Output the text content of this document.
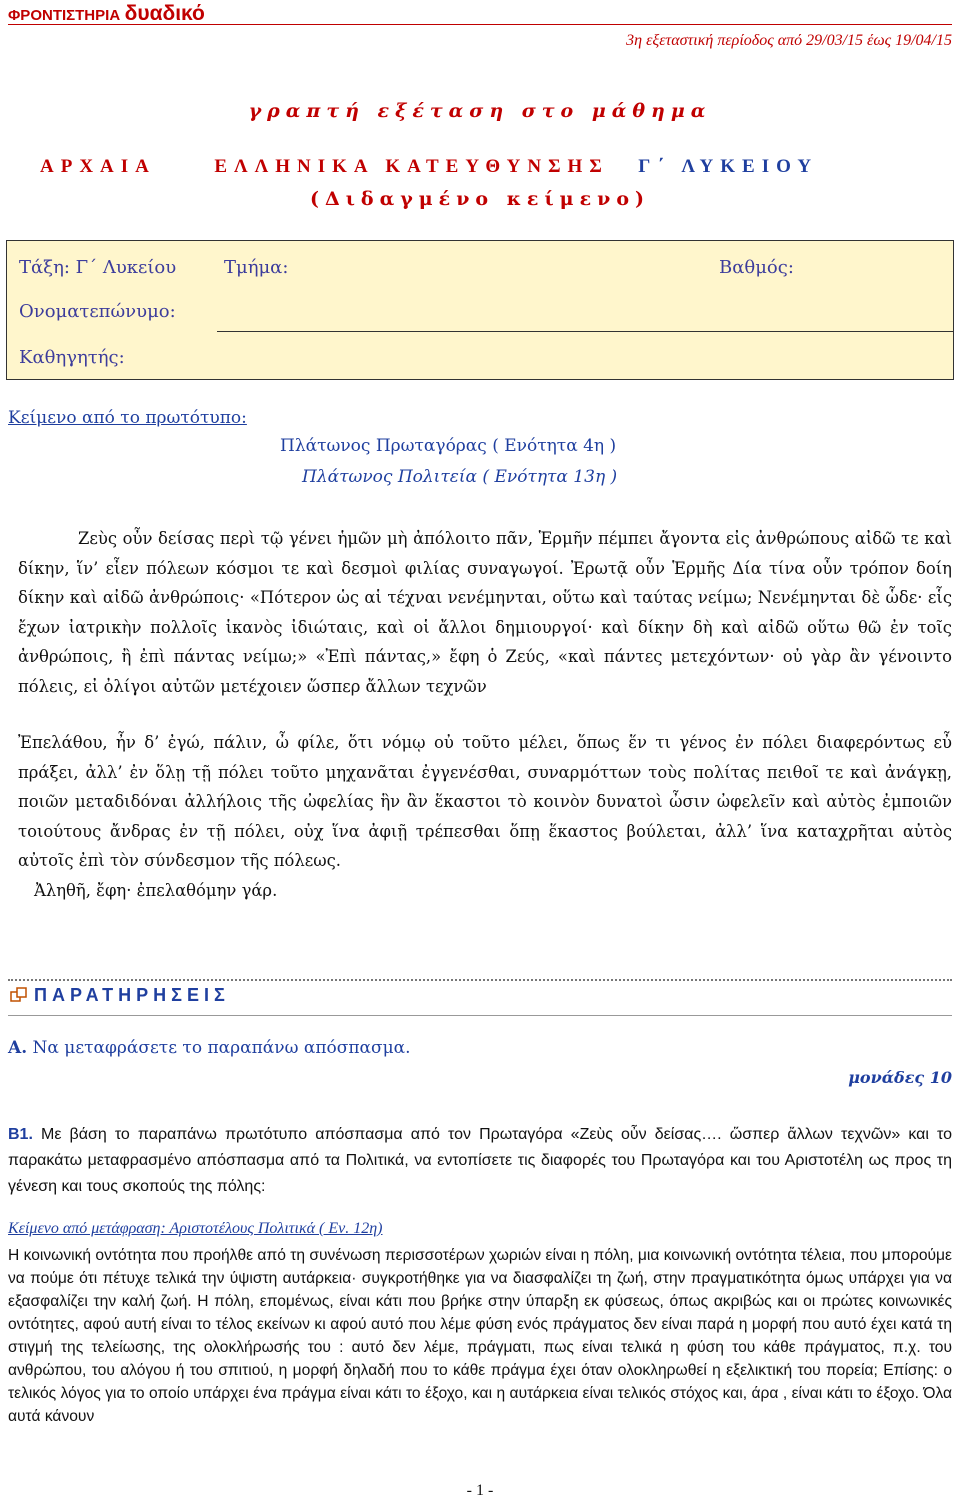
ΦΡΟΝΤΙΣΤΗΡΙΑ δυαδικό
3η εξεταστική περίοδος από 29/03/15 έως 19/04/15
γραπτή εξέταση στο μάθημα
ΑΡΧΑΙΑ	ΕΛΛΗΝΙΚΑ ΚΑΤΕΥΘΥΝΣΗΣ Γ΄ ΛΥΚΕΙΟΥ
(Διδαγμένο κείμενο)
Τάξη: Γ΄ Λυκείου	Τμήμα:	Βαθμός:
Ονοματεπώνυμο:
Καθηγητής:
Κείμενο από το πρωτότυπο:
Πλάτωνος Πρωταγόρας ( Ενότητα 4η )
Πλάτωνος Πολιτεία ( Ενότητα 13η )

Ζεὺς οὖν δείσας περὶ τῷ γένει ἡμῶν μὴ ἀπόλοιτο πᾶν, Ἑρμῆν πέμπει ἄγοντα εἰς ἀνθρώπους αἰδῶ τε καὶ δίκην, ἵν’ εἶεν πόλεων κόσμοι τε καὶ δεσμοὶ φιλίας συναγωγοί. Ἐρωτᾷ οὖν Ἑρμῆς Δία τίνα οὖν τρόπον δοίη δίκην καὶ αἰδῶ ἀνθρώποις· «Πότερον ὡς αἱ τέχναι νενέμηνται, οὕτω καὶ ταύτας νείμω; Νενέμηνται δὲ ὧδε· εἷς ἔχων ἰατρικὴν πολλοῖς ἱκανὸς ἰδιώταις, καὶ οἱ ἄλλοι δημιουργοί· καὶ δίκην δὴ καὶ αἰδῶ οὕτω θῶ ἐν τοῖς ἀνθρώποις, ἢ ἐπὶ πάντας νείμω;» «Ἐπὶ πάντας,» ἔφη ὁ Ζεύς, «καὶ πάντες μετεχόντων· οὐ γὰρ ἂν γένοιντο πόλεις, εἰ ὀλίγοι αὐτῶν μετέχοιεν ὥσπερ ἄλλων τεχνῶν

Ἐπελάθου, ἦν δ’ ἐγώ, πάλιν, ὦ φίλε, ὅτι νόμῳ οὐ τοῦτο μέλει, ὅπως ἕν τι γένος ἐν πόλει διαφερόντως εὖ πράξει, ἀλλ’ ἐν ὅλῃ τῇ πόλει τοῦτο μηχανᾶται ἐγγενέσθαι, συναρμόττων τοὺς πολίτας πειθοῖ τε καὶ ἀνάγκῃ, ποιῶν μεταδιδόναι ἀλλήλοις τῆς ὠφελίας ἣν ἂν ἕκαστοι τὸ κοινὸν δυνατοὶ ὦσιν ὠφελεῖν καὶ αὐτὸς ἐμποιῶν τοιούτους ἄνδρας ἐν τῇ πόλει, οὐχ ἵνα ἀφιῇ τρέπεσθαι ὅπῃ ἕκαστος βούλεται, ἀλλ’ ἵνα καταχρῆται αὐτὸς αὐτοῖς ἐπὶ τὸν σύνδεσμον τῆς πόλεως.

Ἀληθῆ, ἔφη· ἐπελαθόμην γάρ.

ΠΑΡΑΤΗΡΗΣΕΙΣ
Α. Να μεταφράσετε το παραπάνω απόσπασμα.
μονάδες 10
Β1. Με βάση το παραπάνω πρωτότυπο απόσπασμα από τον Πρωταγόρα «Ζεὺς οὖν δείσας…. ὥσπερ ἄλλων τεχνῶν» και το παρακάτω μεταφρασμένο απόσπασμα από τα Πολιτικά, να εντοπίσετε τις διαφορές του Πρωταγόρα και του Αριστοτέλη ως προς τη γένεση και τους σκοπούς της πόλης:
Κείμενο από μετάφραση: Αριστοτέλους Πολιτικά ( Εν. 12η)
Η κοινωνική οντότητα που προήλθε από τη συνένωση περισσοτέρων χωριών είναι η πόλη, μια κοινωνική οντότητα τέλεια, που μπορούμε να πούμε ότι πέτυχε τελικά την ύψιστη αυτάρκεια· συγκροτήθηκε για να διασφαλίζει τη ζωή, στην πραγματικότητα όμως υπάρχει για να εξασφαλίζει την καλή ζωή. Η πόλη, επομένως, είναι κάτι που βρήκε στην ύπαρξη εκ φύσεως, όπως ακριβώς και οι πρώτες κοινωνικές οντότητες, αφού αυτή είναι το τέλος εκείνων κι αφού αυτό που λέμε φύση ενός πράγματος δεν είναι παρά η μορφή που αυτό έχει κατά τη στιγμή της τελείωσης, της ολοκλήρωσής του : αυτό δεν λέμε, πράγματι, πως είναι τελικά η φύση του κάθε πράγματος, π.χ. του ανθρώπου, του αλόγου ή του σπιτιού, η μορφή δηλαδή που το κάθε πράγμα έχει όταν ολοκληρωθεί η εξελικτική του πορεία; Επίσης: ο τελικός λόγος για το οποίο υπάρχει ένα πράγμα είναι κάτι το έξοχο, και η αυτάρκεια είναι τελικός στόχος και, άρα , είναι κάτι το έξοχο. Όλα αυτά κάνουν
- 1 -
